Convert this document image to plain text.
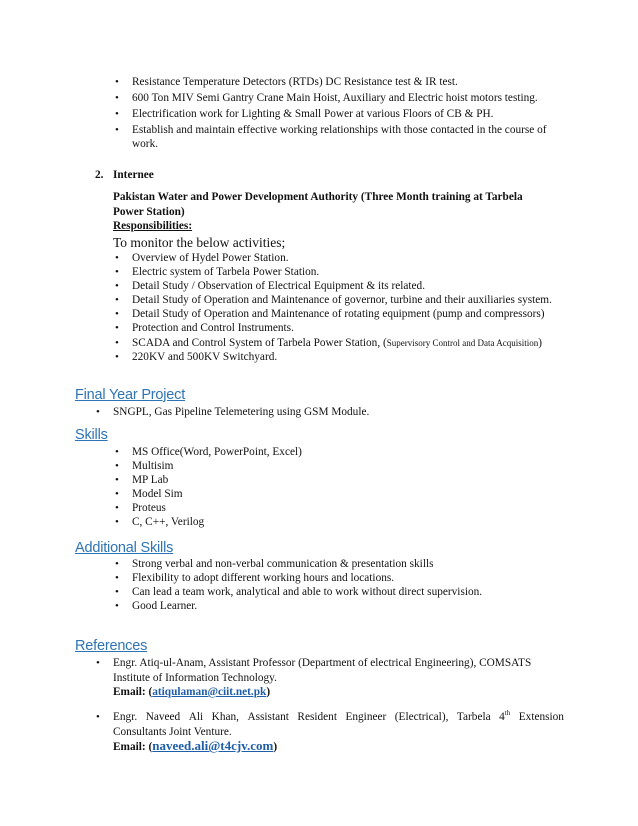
• Resistance Temperature Detectors (RTDs) DC Resistance test & IR test.
• 600 Ton MIV Semi Gantry Crane Main Hoist, Auxiliary and Electric hoist motors testing.
• Electrification work for Lighting & Small Power at various Floors of CB & PH.
• Establish and maintain effective working relationships with those contacted in the course of
work.
2. Internee
Pakistan Water and Power Development Authority (Three Month training at Tarbela
Power Station)
Responsibilities:
To monitor the below activities;
• Overview of Hydel Power Station.
• Electric system of Tarbela Power Station.
• Detail Study / Observation of Electrical Equipment & its related.
• Detail Study of Operation and Maintenance of governor, turbine and their auxiliaries system.
• Detail Study of Operation and Maintenance of rotating equipment (pump and compressors)
• Protection and Control Instruments.
• SCADA and Control System of Tarbela Power Station, (Supervisory Control and Data Acquisition)
• 220KV and 500KV Switchyard.
Final Year Project
• SNGPL, Gas Pipeline Telemetering using GSM Module.
Skills
• MS Office(Word, PowerPoint, Excel)
• Multisim
• MP Lab
• Model Sim
• Proteus
• C, C++, Verilog
Additional Skills
• Strong verbal and non-verbal communication & presentation skills
• Flexibility to adopt different working hours and locations.
• Can lead a team work, analytical and able to work without direct supervision.
• Good Learner.
References
• Engr. Atiq-ul-Anam, Assistant Professor (Department of electrical Engineering), COMSATS
Institute of Information Technology.
Email: (atiqulaman@ciit.net.pk)
• Engr. Naveed Ali Khan, Assistant Resident Engineer (Electrical), Tarbela 4th Extension
Consultants Joint Venture.
Email: (naveed.ali@t4cjv.com)
